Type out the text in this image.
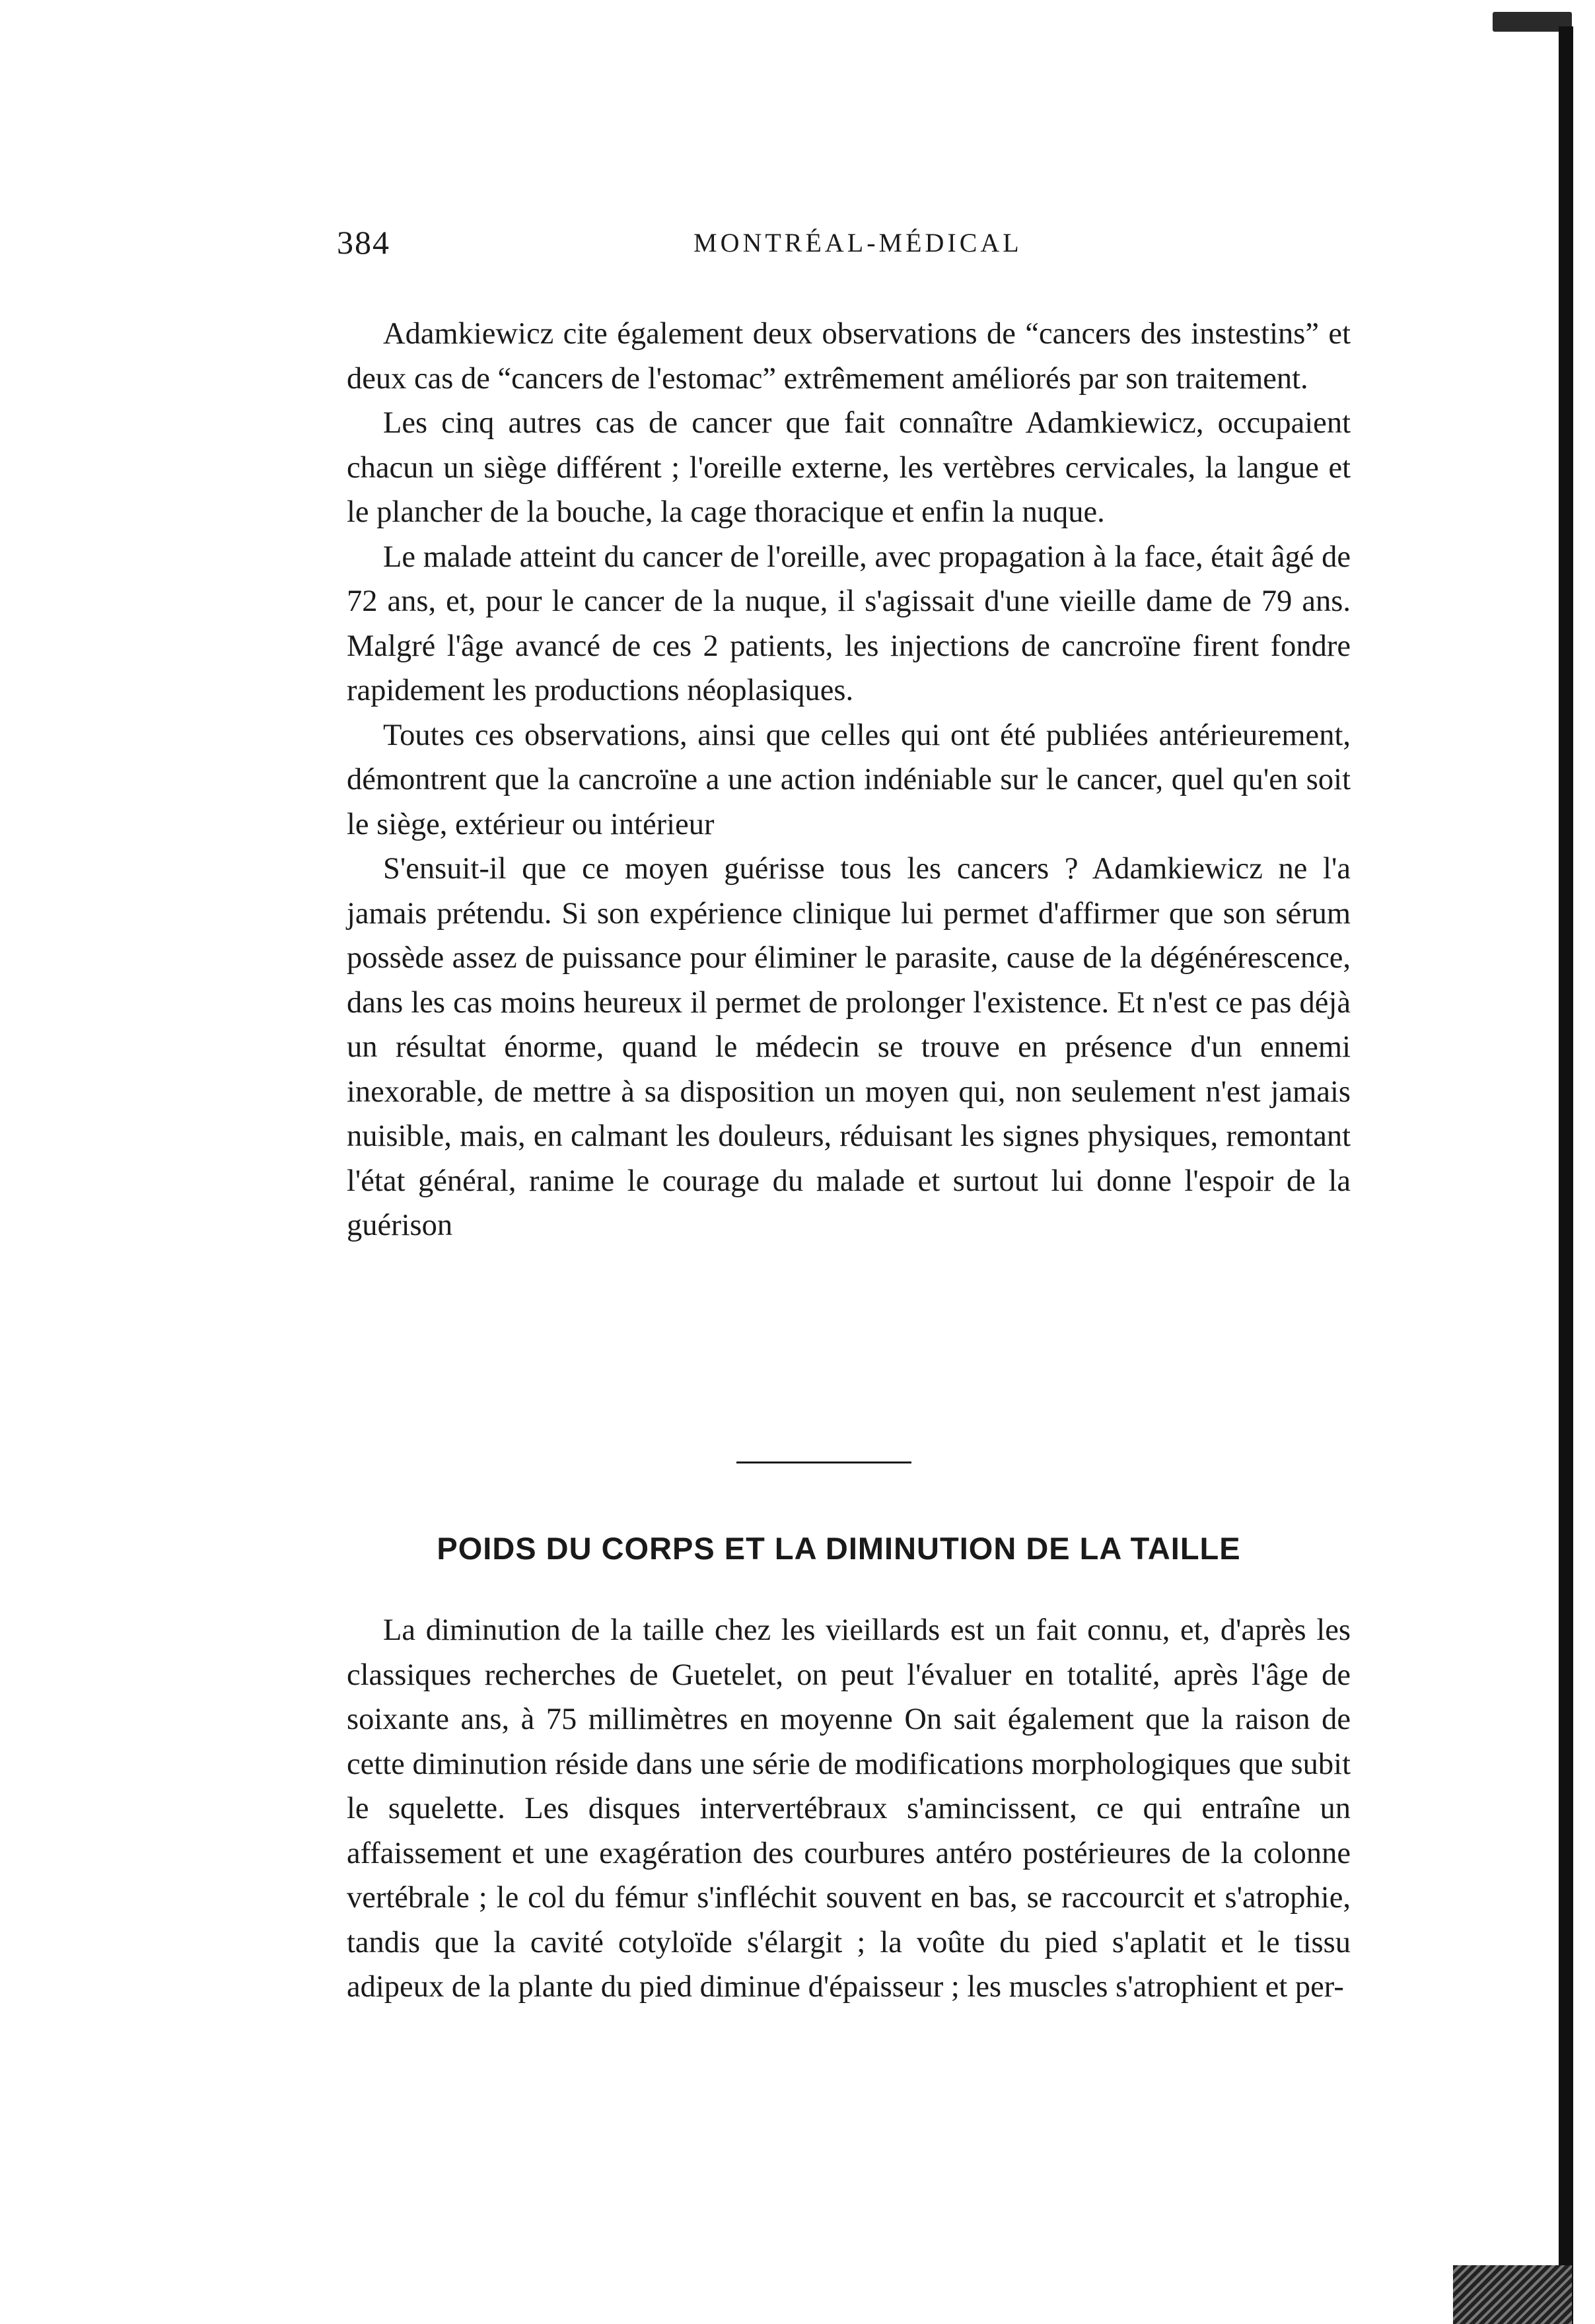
384	MONTRÉAL-MÉDICAL

Adamkiewicz cite également deux observations de “cancers des instestins” et deux cas de “cancers de l'estomac” extrêmement améliorés par son traitement.

Les cinq autres cas de cancer que fait connaître Adamkiewicz, occupaient chacun un siège différent ; l'oreille externe, les vertèbres cervicales, la langue et le plancher de la bouche, la cage thoracique et enfin la nuque.

Le malade atteint du cancer de l'oreille, avec propagation à la face, était âgé de 72 ans, et, pour le cancer de la nuque, il s'agissait d'une vieille dame de 79 ans. Malgré l'âge avancé de ces 2 patients, les injections de cancroïne firent fondre rapidement les productions néoplasiques.

Toutes ces observations, ainsi que celles qui ont été publiées antérieurement, démontrent que la cancroïne a une action indéniable sur le cancer, quel qu'en soit le siège, extérieur ou intérieur

S'ensuit-il que ce moyen guérisse tous les cancers ? Adamkiewicz ne l'a jamais prétendu. Si son expérience clinique lui permet d'affirmer que son sérum possède assez de puissance pour éliminer le parasite, cause de la dégénérescence, dans les cas moins heureux il permet de prolonger l'existence. Et n'est ce pas déjà un résultat énorme, quand le médecin se trouve en présence d'un ennemi inexorable, de mettre à sa disposition un moyen qui, non seulement n'est jamais nuisible, mais, en calmant les douleurs, réduisant les signes physiques, remontant l'état général, ranime le courage du malade et surtout lui donne l'espoir de la guérison

POIDS DU CORPS ET LA DIMINUTION DE LA TAILLE

La diminution de la taille chez les vieillards est un fait connu, et, d'après les classiques recherches de Guetelet, on peut l'évaluer en totalité, après l'âge de soixante ans, à 75 millimètres en moyenne On sait également que la raison de cette diminution réside dans une série de modifications morphologiques que subit le squelette. Les disques intervertébraux s'amincissent, ce qui entraîne un affaissement et une exagération des courbures antéro postérieures de la colonne vertébrale ; le col du fémur s'infléchit souvent en bas, se raccourcit et s'atrophie, tandis que la cavité cotyloïde s'élargit ; la voûte du pied s'aplatit et le tissu adipeux de la plante du pied diminue d'épaisseur ; les muscles s'atrophient et per-
